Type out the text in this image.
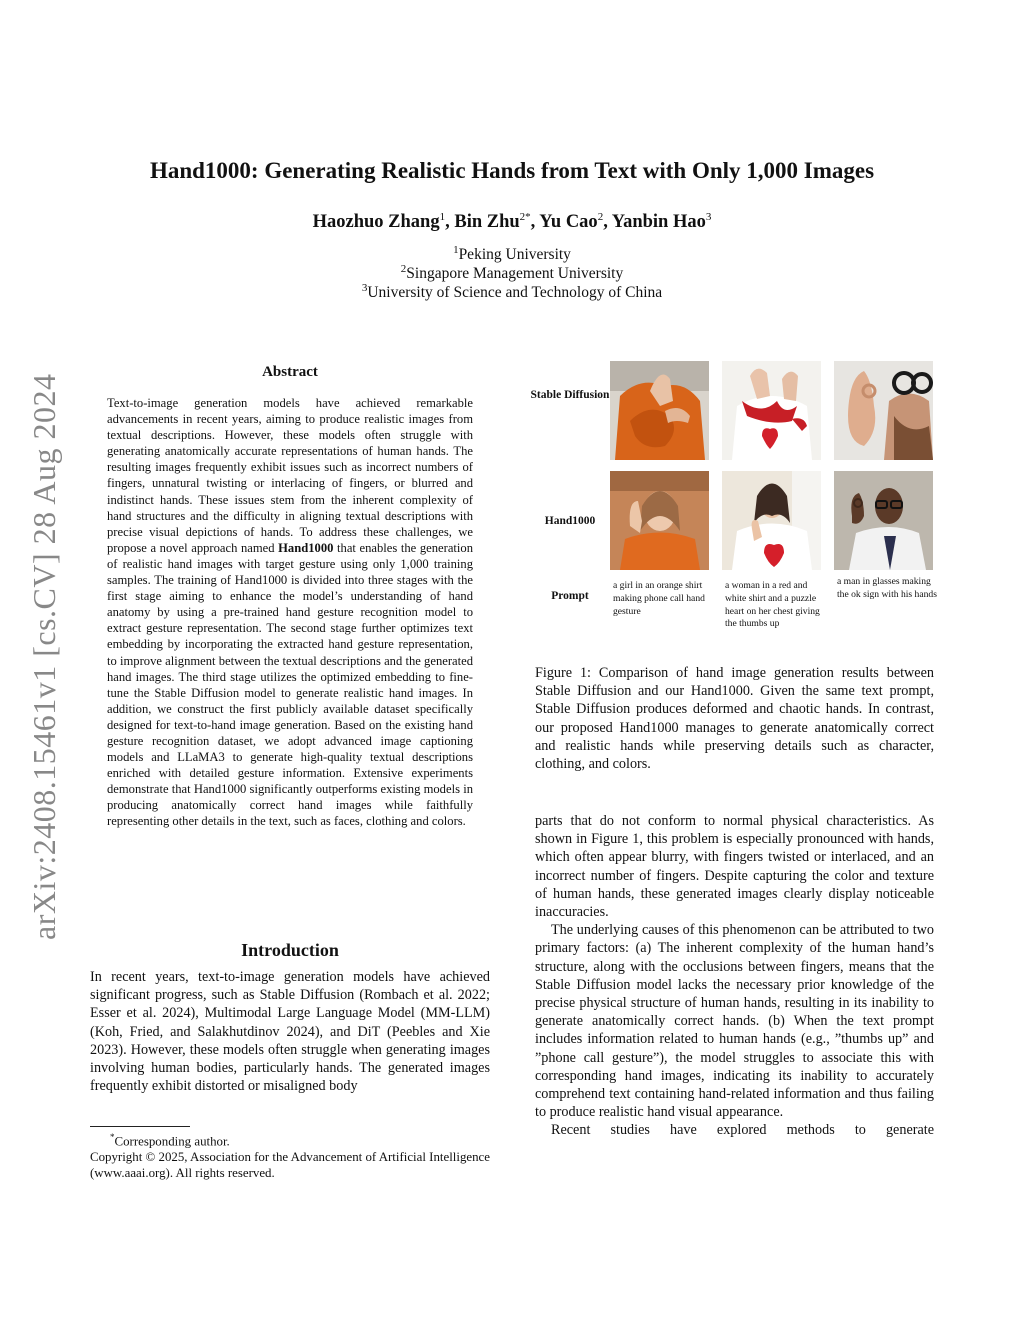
arXiv:2408.15461v1 [cs.CV] 28 Aug 2024
Hand1000: Generating Realistic Hands from Text with Only 1,000 Images
Haozhuo Zhang$^1$, Bin Zhu$^{2*}$, Yu Cao$^2$, Yanbin Hao$^3$
$^1$Peking University
$^2$Singapore Management University
$^3$University of Science and Technology of China
Abstract
Text-to-image generation models have achieved remarkable advancements in recent years, aiming to produce realistic images from textual descriptions. However, these models often struggle with generating anatomically accurate representations of human hands. The resulting images frequently exhibit issues such as incorrect numbers of fingers, unnatural twisting or interlacing of fingers, or blurred and indistinct hands. These issues stem from the inherent complexity of hand structures and the difficulty in aligning textual descriptions with precise visual depictions of hands. To address these challenges, we propose a novel approach named Hand1000 that enables the generation of realistic hand images with target gesture using only 1,000 training samples. The training of Hand1000 is divided into three stages with the first stage aiming to enhance the model’s understanding of hand anatomy by using a pre-trained hand gesture recognition model to extract gesture representation. The second stage further optimizes text embedding by incorporating the extracted hand gesture representation, to improve alignment between the textual descriptions and the generated hand images. The third stage utilizes the optimized embedding to fine-tune the Stable Diffusion model to generate realistic hand images. In addition, we construct the first publicly available dataset specifically designed for text-to-hand image generation. Based on the existing hand gesture recognition dataset, we adopt advanced image captioning models and LLaMA3 to generate high-quality textual descriptions enriched with detailed gesture information. Extensive experiments demonstrate that Hand1000 significantly outperforms existing models in producing anatomically correct hand images while faithfully representing other details in the text, such as faces, clothing and colors.
Introduction
In recent years, text-to-image generation models have achieved significant progress, such as Stable Diffusion (Rombach et al. 2022; Esser et al. 2024), Multimodal Large Language Model (MM-LLM) (Koh, Fried, and Salakhutdinov 2024), and DiT (Peebles and Xie 2023). However, these models often struggle when generating images involving human bodies, particularly hands. The generated images frequently exhibit distorted or misaligned body

*Corresponding author.

Copyright © 2025, Association for the Advancement of Artificial Intelligence (www.aaai.org). All rights reserved.

Stable Diffusion
Hand1000
Prompt
a girl in an orange shirt making phone call hand gesture
a woman in a red and white shirt and a puzzle heart on her chest giving the thumbs up
a man in glasses making the ok sign with his hands
Figure 1: Comparison of hand image generation results between Stable Diffusion and our Hand1000. Given the same text prompt, Stable Diffusion produces deformed and chaotic hands. In contrast, our proposed Hand1000 manages to generate anatomically correct and realistic hands while preserving details such as character, clothing, and colors.

parts that do not conform to normal physical characteristics. As shown in Figure 1, this problem is especially pronounced with hands, which often appear blurry, with fingers twisted or interlaced, and an incorrect number of fingers. Despite capturing the color and texture of human hands, these generated images clearly display noticeable inaccuracies.

The underlying causes of this phenomenon can be attributed to two primary factors: (a) The inherent complexity of the human hand’s structure, along with the occlusions between fingers, means that the Stable Diffusion model lacks the necessary prior knowledge of the precise physical structure of human hands, resulting in its inability to generate anatomically correct hands. (b) When the text prompt includes information related to human hands (e.g., ”thumbs up” and ”phone call gesture”), the model struggles to associate this with corresponding hand images, indicating its inability to accurately comprehend text containing hand-related information and thus failing to produce realistic hand visual appearance.

Recent studies have explored methods to generate
